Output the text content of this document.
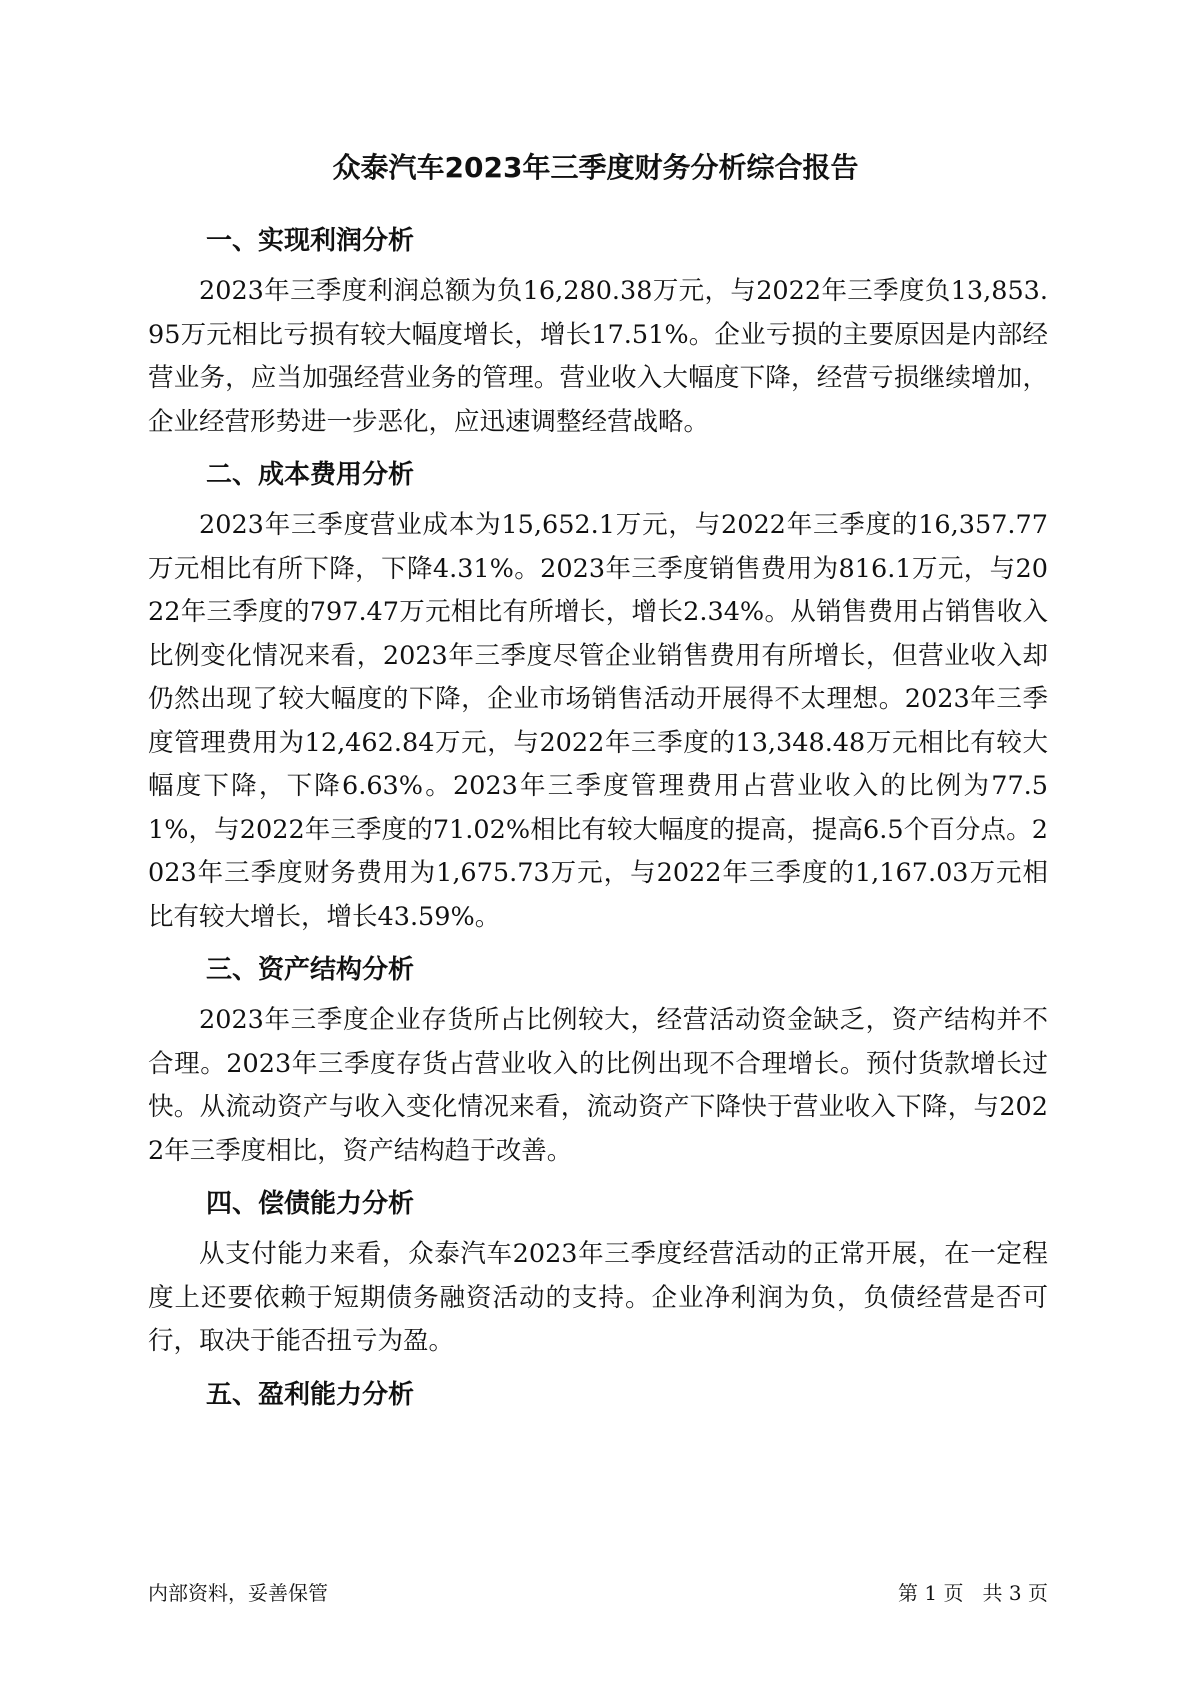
众泰汽车2023年三季度财务分析综合报告
一、实现利润分析

2023年三季度利润总额为负16,280.38万元，与2022年三季度负13,853.95万元相比亏损有较大幅度增长，增长17.51%。企业亏损的主要原因是内部经营业务，应当加强经营业务的管理。营业收入大幅度下降，经营亏损继续增加，企业经营形势进一步恶化，应迅速调整经营战略。

二、成本费用分析

2023年三季度营业成本为15,652.1万元，与2022年三季度的16,357.77万元相比有所下降，下降4.31%。2023年三季度销售费用为816.1万元，与2022年三季度的797.47万元相比有所增长，增长2.34%。从销售费用占销售收入比例变化情况来看，2023年三季度尽管企业销售费用有所增长，但营业收入却仍然出现了较大幅度的下降，企业市场销售活动开展得不太理想。2023年三季度管理费用为12,462.84万元，与2022年三季度的13,348.48万元相比有较大幅度下降，下降6.63%。2023年三季度管理费用占营业收入的比例为77.51%，与2022年三季度的71.02%相比有较大幅度的提高，提高6.5个百分点。2023年三季度财务费用为1,675.73万元，与2022年三季度的1,167.03万元相比有较大增长，增长43.59%。

三、资产结构分析

2023年三季度企业存货所占比例较大，经营活动资金缺乏，资产结构并不合理。2023年三季度存货占营业收入的比例出现不合理增长。预付货款增长过快。从流动资产与收入变化情况来看，流动资产下降快于营业收入下降，与2022年三季度相比，资产结构趋于改善。

四、偿债能力分析

从支付能力来看，众泰汽车2023年三季度经营活动的正常开展，在一定程度上还要依赖于短期债务融资活动的支持。企业净利润为负，负债经营是否可行，取决于能否扭亏为盈。

五、盈利能力分析
内部资料，妥善保管	第 1 页   共 3 页
